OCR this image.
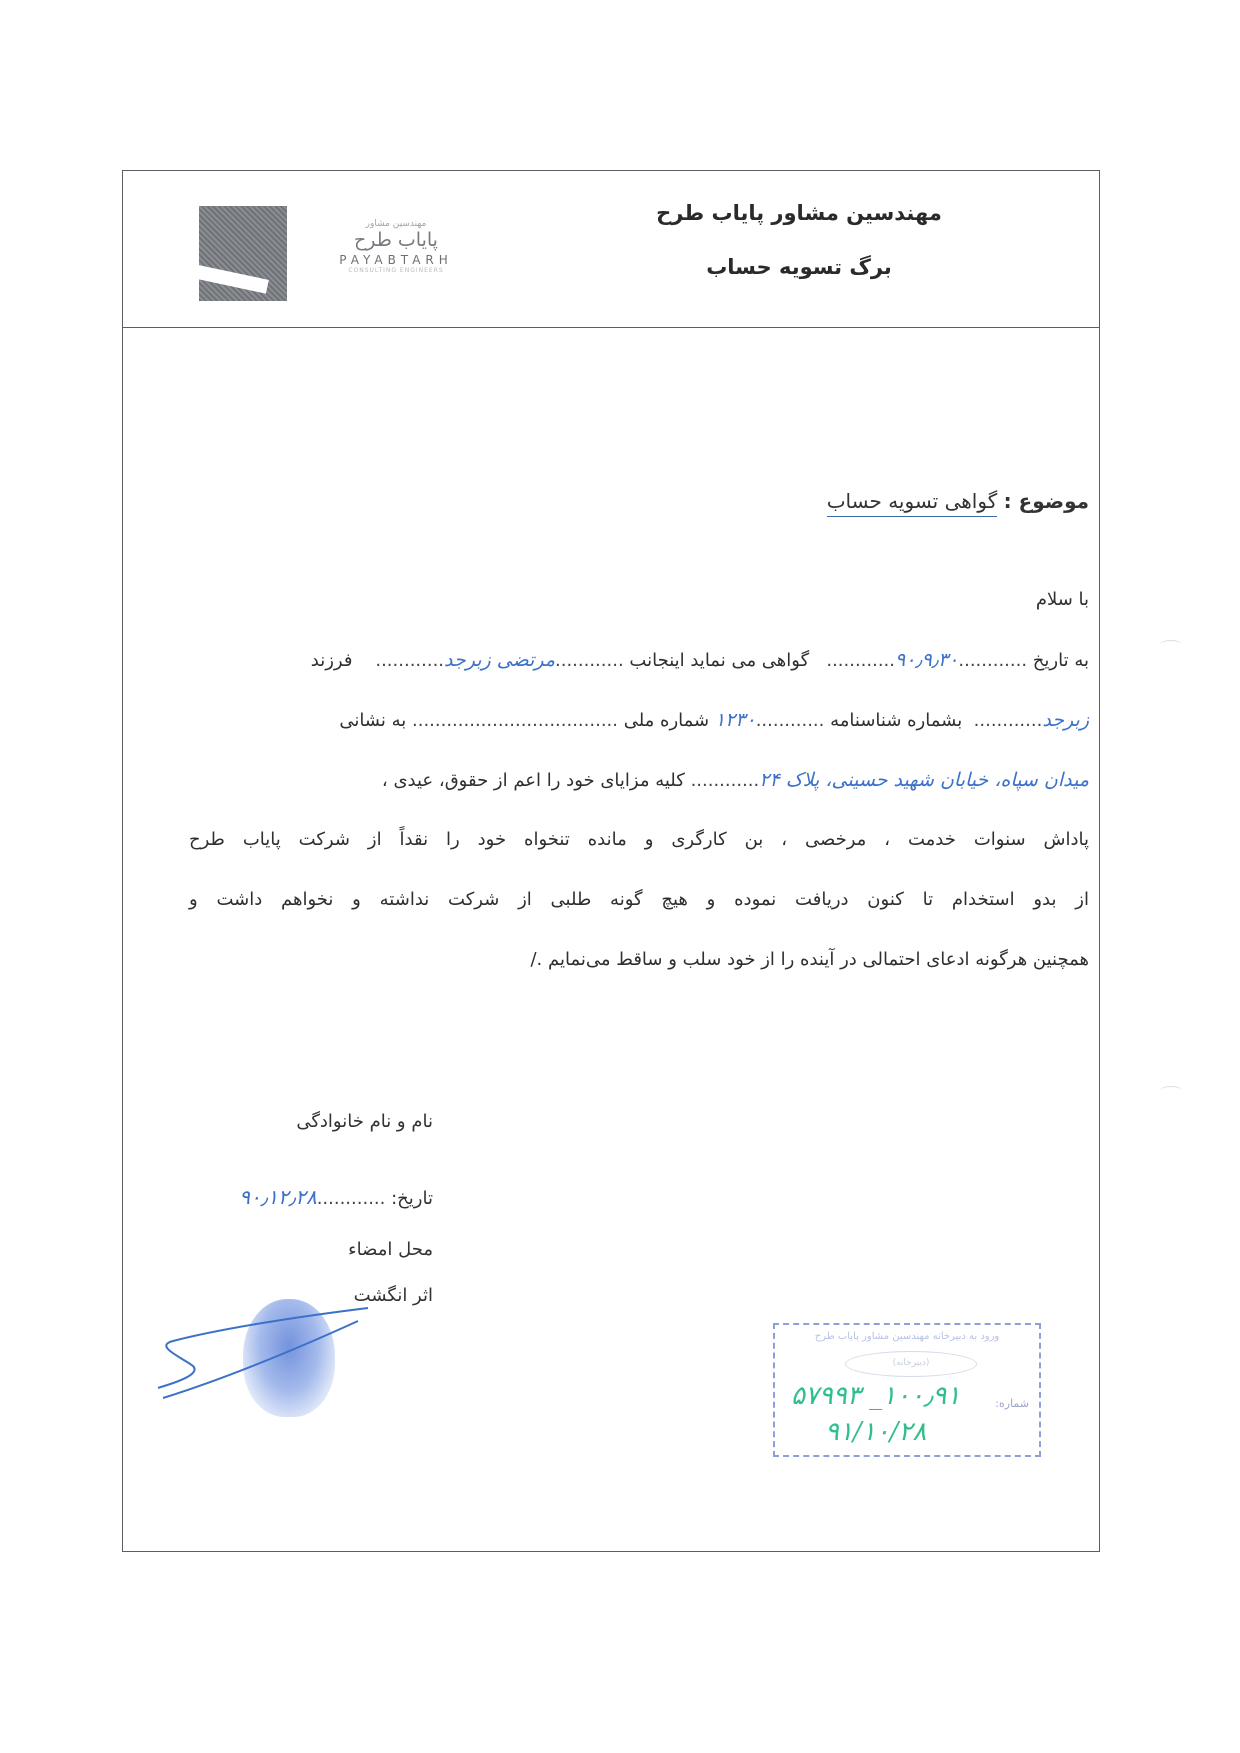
مهندسین مشاور
پایاب طرح
PAYABTARH
CONSULTING ENGINEERS
مهندسین مشاور پایاب طرح
برگ تسویه حساب
موضوع : گواهی تسویه حساب
با سلام
به تاریخ ............۹۰٫۹٫۳۰............   گواهی می نماید اینجانب ............مرتضی زبرجد............    فرزند
زبرجد............  بشماره شناسنامه ............۱۲۳۰ شماره ملی .................................... به نشانی
میدان سپاه، خیابان شهید حسینی، پلاک ۲۴............ کلیه مزایای خود را اعم از حقوق، عیدی ،
پاداش سنوات خدمت ، مرخصی ، بن کارگری و مانده تنخواه خود را نقداً از شرکت پایاب طرح
از بدو استخدام تا کنون دریافت نموده و هیچ گونه طلبی از شرکت نداشته و نخواهم داشت و
همچنین هرگونه ادعای احتمالی در آینده را از خود سلب و ساقط می‌نمایم ./
نام و نام خانوادگی
تاریخ: ............۹۰٫۱۲٫۲۸
محل امضاء
اثر انگشت
ورود به دبیرخانه مهندسین مشاور پایاب طرح
(دبیرخانه)
شماره:
۱۰۰٫۹۱_ ۵۷۹۹۳
۹۱/۱۰/۲۸
